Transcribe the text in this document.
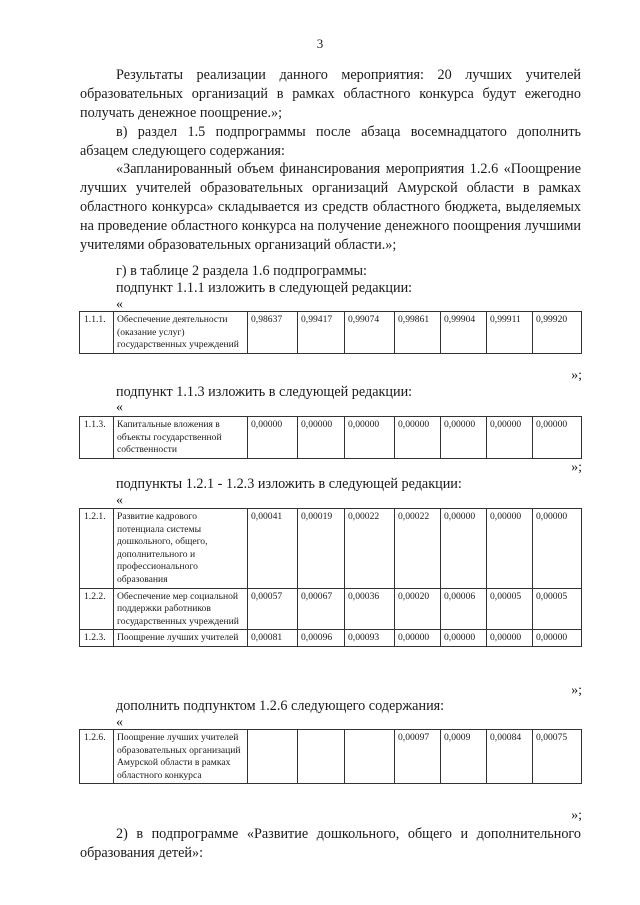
3

Результаты реализации данного мероприятия: 20 лучших учителей образовательных организаций в рамках областного конкурса будут ежегодно получать денежное поощрение.»;

в) раздел 1.5 подпрограммы после абзаца восемнадцатого дополнить абзацем следующего содержания:

«Запланированный объем финансирования мероприятия 1.2.6 «Поощрение лучших учителей образовательных организаций Амурской области в рамках областного конкурса» складывается из средств областного бюджета, выделяемых на проведение областного конкурса на получение денежного поощрения лучшими учителями образовательных организаций области.»;

г) в таблице 2 раздела 1.6 подпрограммы:

подпункт 1.1.1 изложить в следующей редакции:

«
1.1.1.	Обеспечение деятельности (оказание услуг) государственных учреждений	0,98637	0,99417	0,99074	0,99861	0,99904	0,99911	0,99920
»;

подпункт 1.1.3 изложить в следующей редакции:

«
1.1.3.	Капитальные вложения в объекты государственной собственности	0,00000	0,00000	0,00000	0,00000	0,00000	0,00000	0,00000
»;

подпункты 1.2.1 - 1.2.3 изложить в следующей редакции:

«
1.2.1.	Развитие кадрового потенциала системы дошкольного, общего, дополнительного и профессионального образования	0,00041	0,00019	0,00022	0,00022	0,00000	0,00000	0,00000
1.2.2.	Обеспечение мер социальной поддержки работников государственных учреждений	0,00057	0,00067	0,00036	0,00020	0,00006	0,00005	0,00005
1.2.3.	Поощрение лучших учителей	0,00081	0,00096	0,00093	0,00000	0,00000	0,00000	0,00000
»;

дополнить подпунктом 1.2.6 следующего содержания:

«
1.2.6.	Поощрение лучших учителей образовательных организаций Амурской области в рамках областного конкурса				0,00097	0,0009	0,00084	0,00075
»;

2) в подпрограмме «Развитие дошкольного, общего и дополнительного образования детей»:
